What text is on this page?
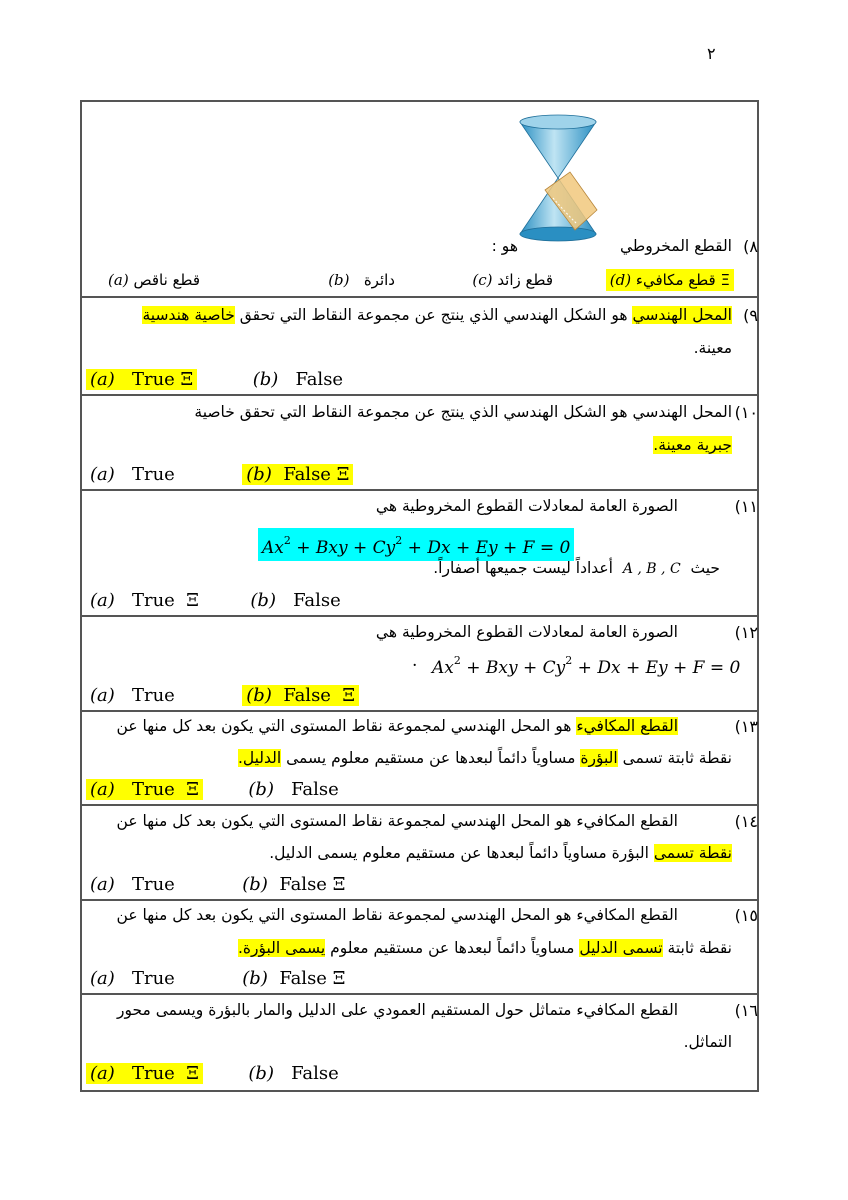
٢
٨)
القطع المخروطي
هو :
Ξ قطع مكافيء (d)
قطع زائد (c)
دائرة   (b)
قطع ناقص (a)
٩)
المحل الهندسي هو الشكل الهندسي الذي ينتج عن مجموعة النقاط التي تحقق خاصية هندسية
معينة.
(a) True Ξ	(b) False
١٠)
المحل الهندسي هو الشكل الهندسي الذي ينتج عن مجموعة النقاط التي تحقق خاصية
جبرية معينة.
(a) True	(b) False Ξ
١١)
الصورة العامة لمعادلات القطوع المخروطية هي
$Ax^2$ + Bxy + $Cy^2 + Dx + Ey + F = 0$
حيث  A , B , C  أعداداً ليست جميعها أصفاراً.
(a) True Ξ	(b) False
١٢)
الصورة العامة لمعادلات القطوع المخروطية هي
$Ax^2$ + Bxy + $Cy^2 + Dx + Ey + F = 0$
.
(a) True	(b) False Ξ
١٣)
القطع المكافيء هو المحل الهندسي لمجموعة نقاط المستوى التي يكون بعد كل منها عن
نقطة ثابتة تسمى البؤرة مساوياً دائماً لبعدها عن مستقيم معلوم يسمى الدليل.
(a) True Ξ	(b) False
١٤)
القطع المكافيء هو المحل الهندسي لمجموعة نقاط المستوى التي يكون بعد كل منها عن
نقطة تسمى البؤرة مساوياً دائماً لبعدها عن مستقيم معلوم يسمى الدليل.
(a) True	(b) False Ξ
١٥)
القطع المكافيء هو المحل الهندسي لمجموعة نقاط المستوى التي يكون بعد كل منها عن
نقطة ثابتة تسمى الدليل مساوياً دائماً لبعدها عن مستقيم معلوم يسمى البؤرة.
(a) True	(b) False Ξ
١٦)
القطع المكافيء متماثل حول المستقيم العمودي على الدليل والمار بالبؤرة ويسمى محور
التماثل.
(a) True Ξ	(b) False
